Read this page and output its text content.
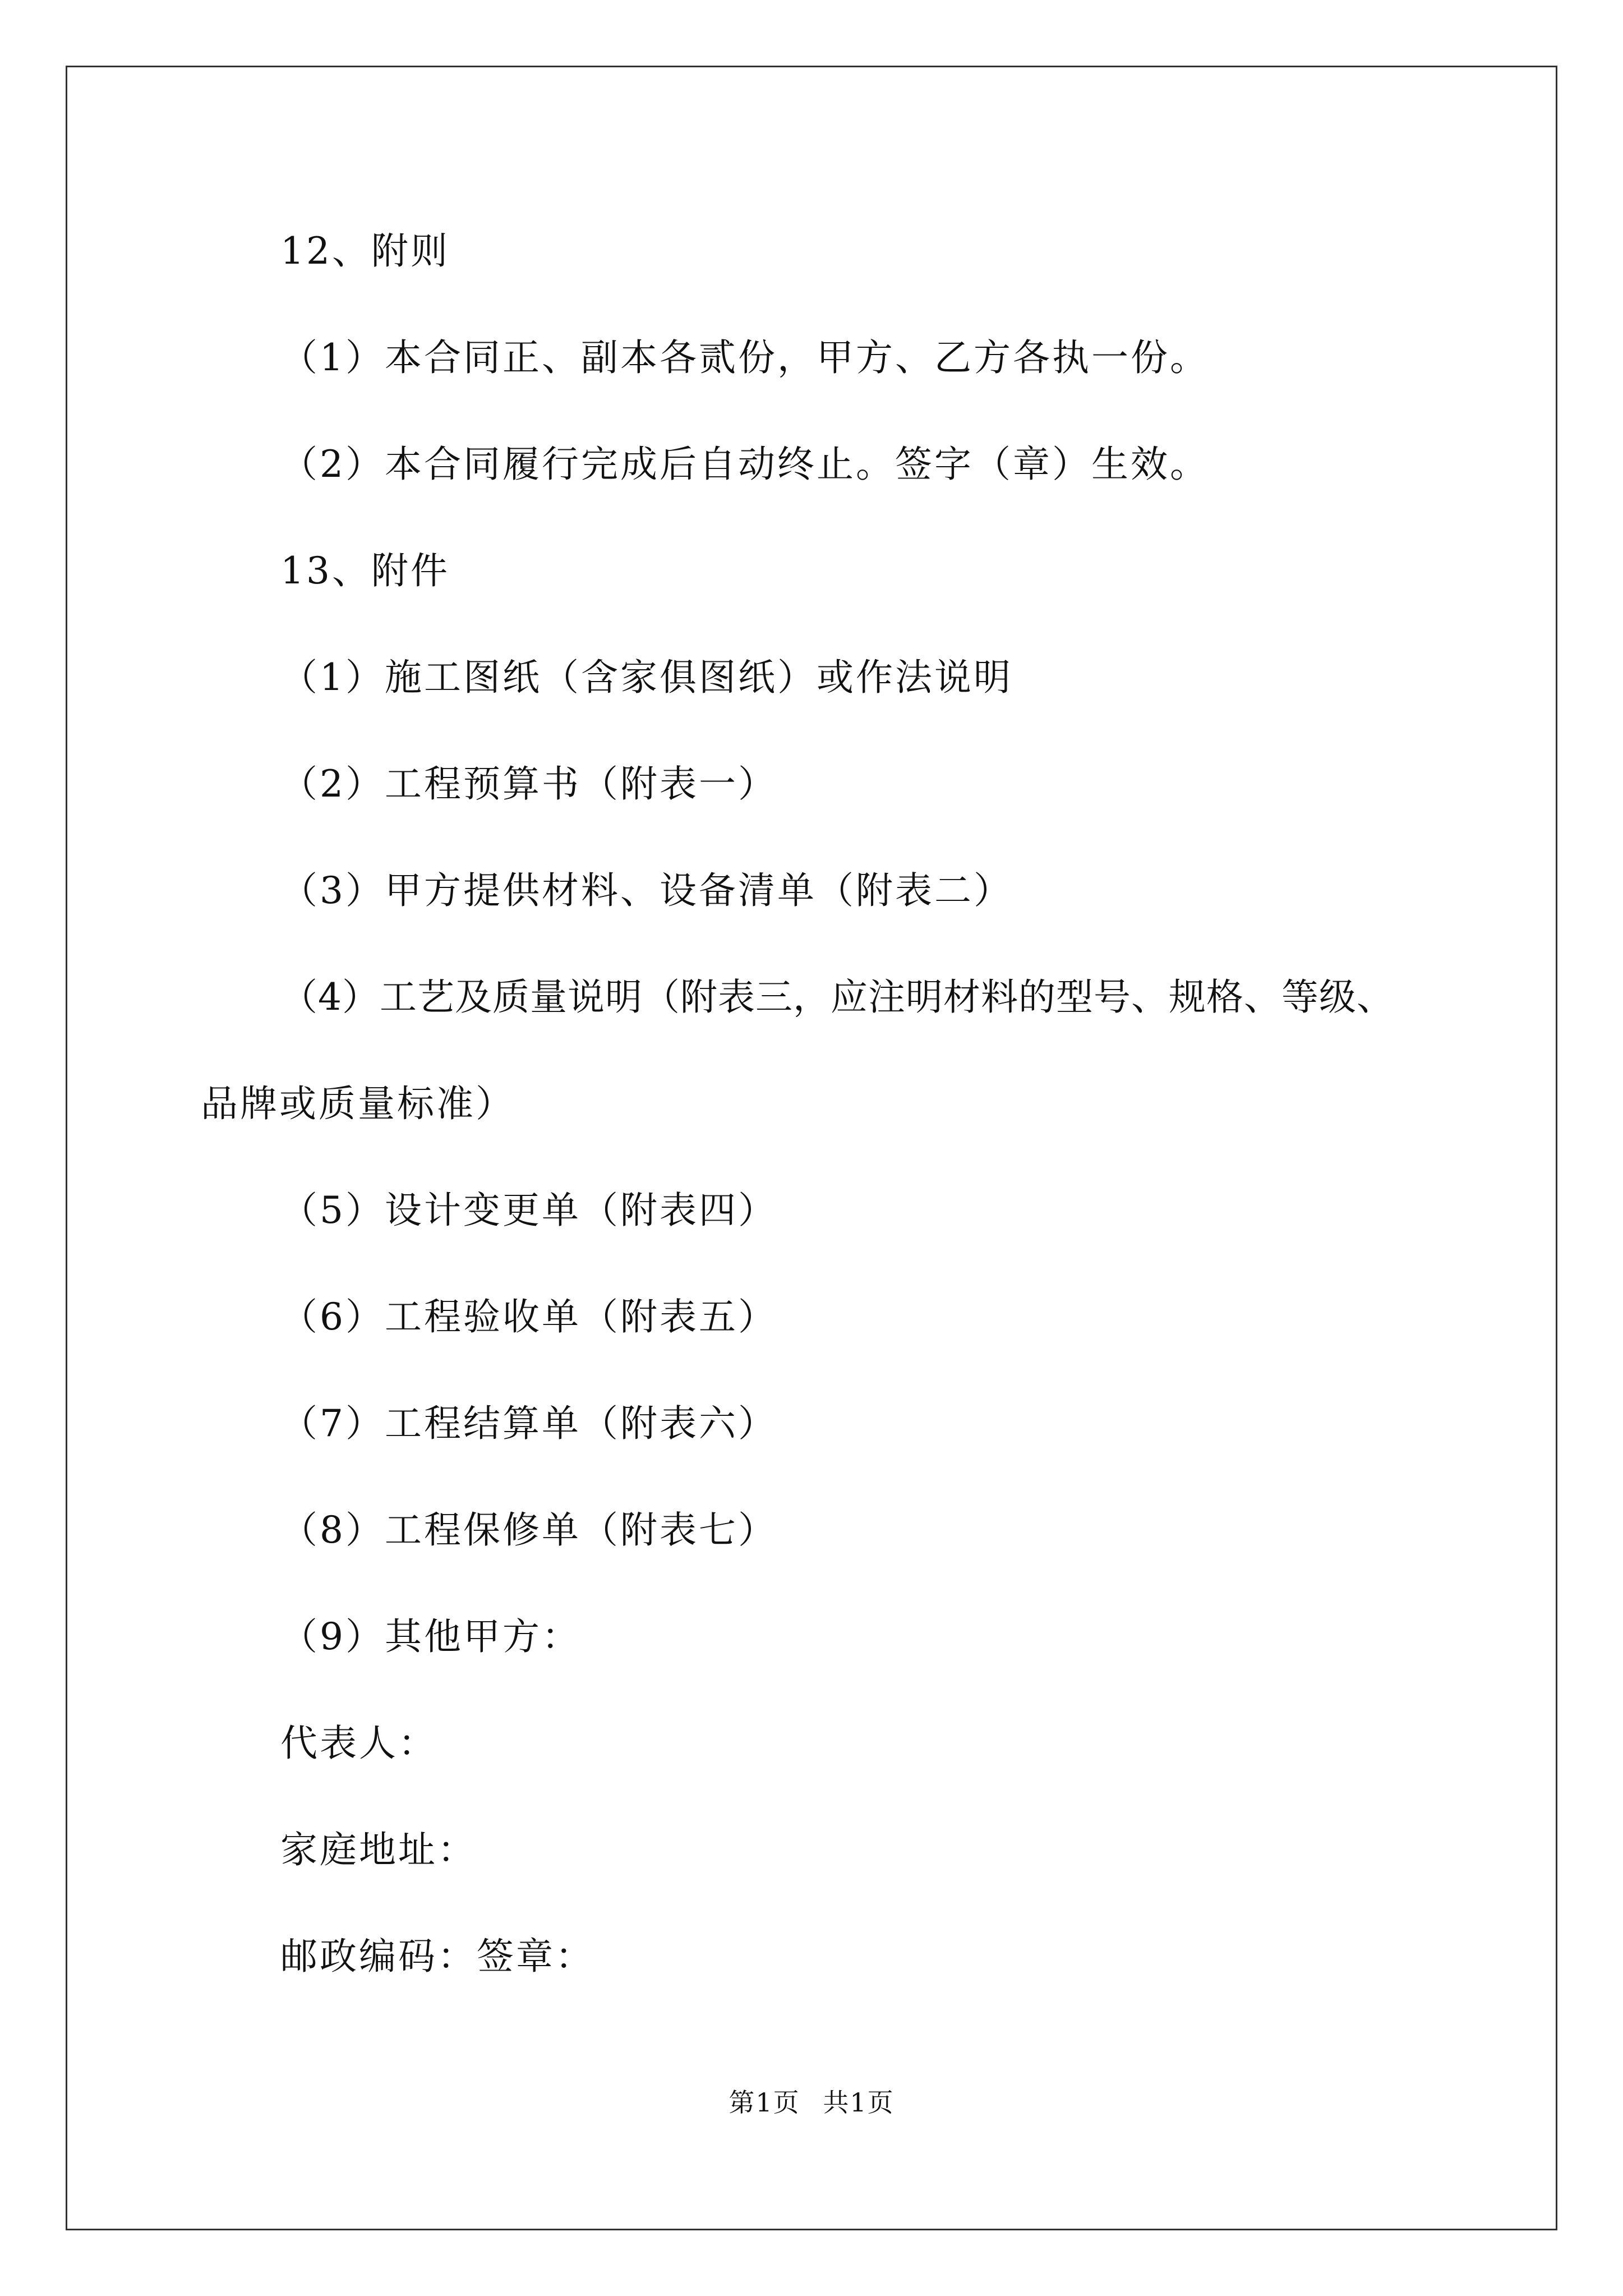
12、附则
（1）本合同正、副本各贰份，甲方、乙方各执一份。
（2）本合同履行完成后自动终止。签字（章）生效。
13、附件
（1）施工图纸（含家俱图纸）或作法说明
（2）工程预算书（附表一）
（3）甲方提供材料、设备清单（附表二）
（4）工艺及质量说明（附表三，应注明材料的型号、规格、等级、
品牌或质量标准）
（5）设计变更单（附表四）
（6）工程验收单（附表五）
（7）工程结算单（附表六）
（8）工程保修单（附表七）
（9）其他甲方：
代表人：
家庭地址：
邮政编码：签章：
第1页 共1页
